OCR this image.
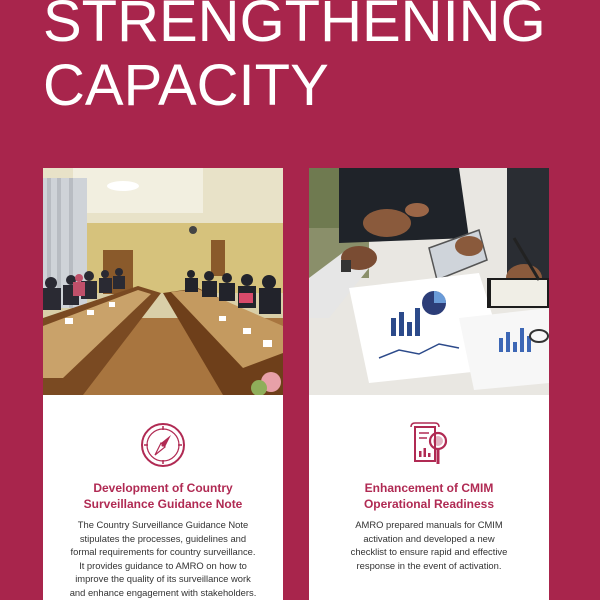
STRENGTHENING
CAPACITY
Development of Country
Surveillance Guidance Note
The Country Surveillance Guidance Note
stipulates the processes, guidelines and
formal requirements for country surveillance.
It provides guidance to AMRO on how to
improve the quality of its surveillance work
and enhance engagement with stakeholders.
Enhancement of CMIM
Operational Readiness
AMRO prepared manuals for CMIM
activation and developed a new
checklist to ensure rapid and effective
response in the event of activation.
